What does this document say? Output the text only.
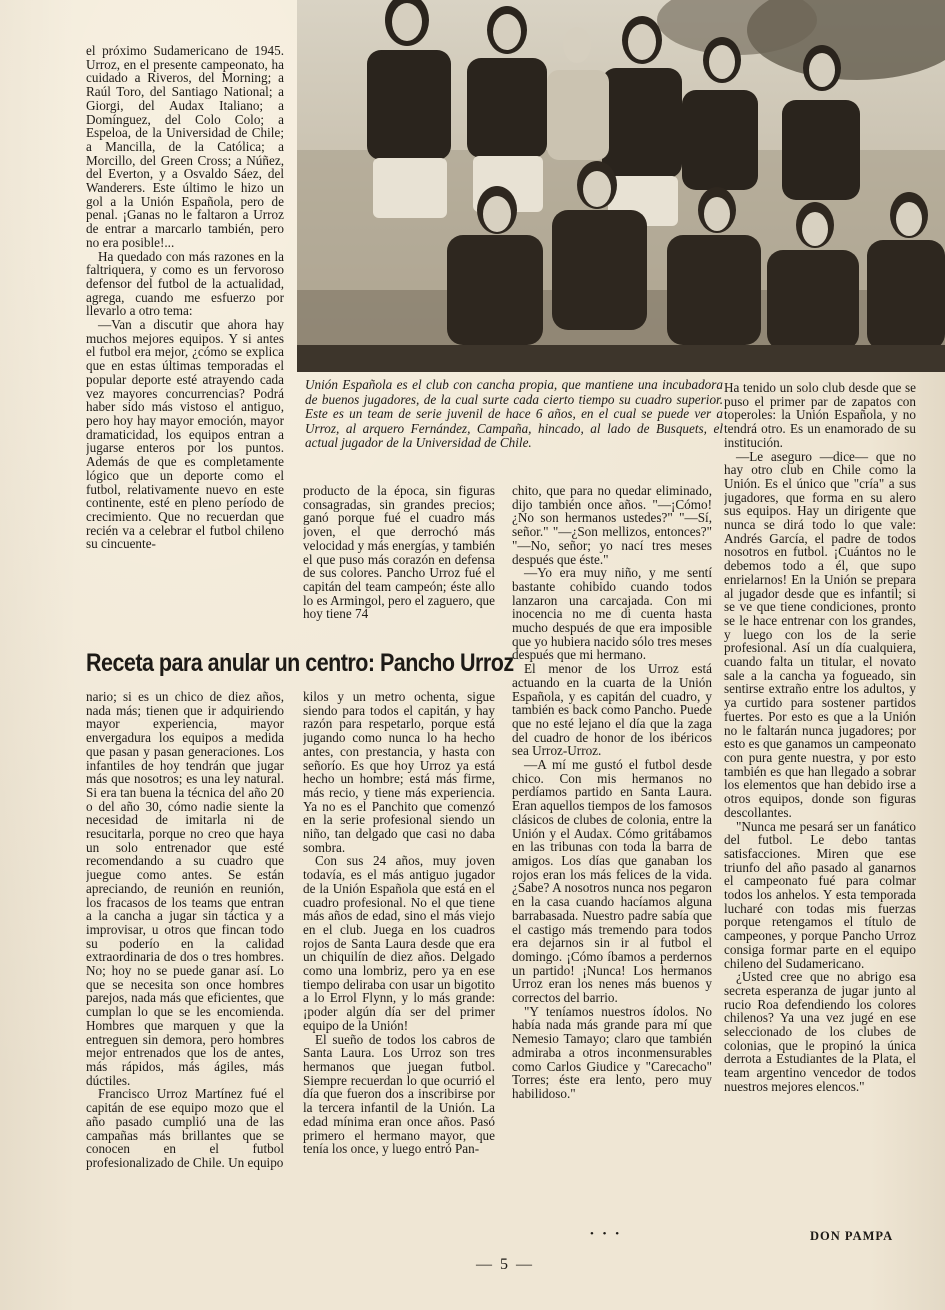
el próximo Sudamericano de 1945. Urroz, en el presente campeonato, ha cuidado a Riveros, del Morning; a Raúl Toro, del Santiago National; a Giorgi, del Audax Italiano; a Domínguez, del Colo Colo; a Espeloa, de la Universidad de Chile; a Mancilla, de la Católica; a Morcillo, del Green Cross; a Núñez, del Everton, y a Osvaldo Sáez, del Wanderers. Este último le hizo un gol a la Unión Española, pero de penal. ¡Ganas no le faltaron a Urroz de entrar a marcarlo también, pero no era posible!...

Ha quedado con más razones en la faltriquera, y como es un fervoroso defensor del futbol de la actualidad, agrega, cuando me esfuerzo por llevarlo a otro tema:

—Van a discutir que ahora hay muchos mejores equipos. Y si antes el futbol era mejor, ¿cómo se explica que en estas últimas temporadas el popular deporte esté atrayendo cada vez mayores concurrencias? Podrá haber sido más vistoso el antiguo, pero hoy hay mayor emoción, mayor dramaticidad, los equipos entran a jugarse enteros por los puntos. Además de que es completamente lógico que un deporte como el futbol, relativamente nuevo en este continente, esté en pleno período de crecimiento. Que no recuerdan que recién va a celebrar el futbol chileno su cincuente-

Unión Española es el club con cancha propia, que mantiene una incubadora de buenos jugadores, de la cual surte cada cierto tiempo su cuadro superior. Este es un team de serie juvenil de hace 6 años, en el cual se puede ver a Urroz, al arquero Fernández, Campaña, hincado, al lado de Busquets, el actual jugador de la Universidad de Chile.

producto de la época, sin figuras consagradas, sin grandes precios; ganó porque fué el cuadro más joven, el que derrochó más velocidad y más energías, y también el que puso más corazón en defensa de sus colores. Pancho Urroz fué el capitán del team campeón; éste allo lo es Armingol, pero el zaguero, que hoy tiene 74

chito, que para no quedar eliminado, dijo también once años. "—¡Cómo! ¿No son hermanos ustedes?" "—Sí, señor." "—¿Son mellizos, entonces?" "—No, señor; yo nací tres meses después que éste."

—Yo era muy niño, y me sentí bastante cohibido cuando todos lanzaron una carcajada. Con mi inocencia no me di cuenta hasta mucho después de que era imposible que yo hubiera nacido sólo tres meses después que mi hermano.

El menor de los Urroz está actuando en la cuarta de la Unión Española, y es capitán del cuadro, y también es back como Pancho. Puede que no esté lejano el día que la zaga del cuadro de honor de los ibéricos sea Urroz-Urroz.

—A mí me gustó el futbol desde chico. Con mis hermanos no perdíamos partido en Santa Laura. Eran aquellos tiempos de los famosos clásicos de clubes de colonia, entre la Unión y el Audax. Cómo gritábamos en las tribunas con toda la barra de amigos. Los días que ganaban los rojos eran los más felices de la vida. ¿Sabe? A nosotros nunca nos pegaron en la casa cuando hacíamos alguna barrabasada. Nuestro padre sabía que el castigo más tremendo para todos era dejarnos sin ir al futbol el domingo. ¡Cómo íbamos a perdernos un partido! ¡Nunca! Los hermanos Urroz eran los nenes más buenos y correctos del barrio.

"Y teníamos nuestros ídolos. No había nada más grande para mí que Nemesio Tamayo; claro que también admiraba a otros inconmensurables como Carlos Giudice y "Carecacho" Torres; éste era lento, pero muy habilidoso."

Ha tenido un solo club desde que se puso el primer par de zapatos con toperoles: la Unión Española, y no tendrá otro. Es un enamorado de su institución.

—Le aseguro —dice— que no hay otro club en Chile como la Unión. Es el único que "cría" a sus jugadores, que forma en su alero sus equipos. Hay un dirigente que nunca se dirá todo lo que vale: Andrés García, el padre de todos nosotros en futbol. ¡Cuántos no le debemos todo a él, que supo enrielarnos! En la Unión se prepara al jugador desde que es infantil; si se ve que tiene condiciones, pronto se le hace entrenar con los grandes, y luego con los de la serie profesional. Así un día cualquiera, cuando falta un titular, el novato sale a la cancha ya fogueado, sin sentirse extraño entre los adultos, y ya curtido para sostener partidos fuertes. Por esto es que a la Unión no le faltarán nunca jugadores; por esto es que ganamos un campeonato con pura gente nuestra, y por esto también es que han llegado a sobrar los elementos que han debido irse a otros equipos, donde son figuras descollantes.

"Nunca me pesará ser un fanático del futbol. Le debo tantas satisfacciones. Miren que ese triunfo del año pasado al ganarnos el campeonato fué para colmar todos los anhelos. Y esta temporada lucharé con todas mis fuerzas porque retengamos el título de campeones, y porque Pancho Urroz consiga formar parte en el equipo chileno del Sudamericano.

¿Usted cree que no abrigo esa secreta esperanza de jugar junto al rucio Roa defendiendo los colores chilenos? Ya una vez jugé en ese seleccionado de los clubes de colonias, que le propinó la única derrota a Estudiantes de la Plata, el team argentino vencedor de todos nuestros mejores elencos."

Receta para anular un centro: Pancho Urroz

nario; si es un chico de diez años, nada más; tienen que ir adquiriendo mayor experiencia, mayor envergadura los equipos a medida que pasan y pasan generaciones. Los infantiles de hoy tendrán que jugar más que nosotros; es una ley natural. Si era tan buena la técnica del año 20 o del año 30, cómo nadie siente la necesidad de imitarla ni de resucitarla, porque no creo que haya un solo entrenador que esté recomendando a su cuadro que juegue como antes. Se están apreciando, de reunión en reunión, los fracasos de los teams que entran a la cancha a jugar sin táctica y a improvisar, u otros que fincan todo su poderío en la calidad extraordinaria de dos o tres hombres. No; hoy no se puede ganar así. Lo que se necesita son once hombres parejos, nada más que eficientes, que cumplan lo que se les encomienda. Hombres que marquen y que la entreguen sin demora, pero hombres mejor entrenados que los de antes, más rápidos, más ágiles, más dúctiles.

Francisco Urroz Martínez fué el capitán de ese equipo mozo que el año pasado cumplió una de las campañas más brillantes que se conocen en el futbol profesionalizado de Chile. Un equipo

kilos y un metro ochenta, sigue siendo para todos el capitán, y hay razón para respetarlo, porque está jugando como nunca lo ha hecho antes, con prestancia, y hasta con señorío. Es que hoy Urroz ya está hecho un hombre; está más firme, más recio, y tiene más experiencia. Ya no es el Panchito que comenzó en la serie profesional siendo un niño, tan delgado que casi no daba sombra.

Con sus 24 años, muy joven todavía, es el más antiguo jugador de la Unión Española que está en el cuadro profesional. No el que tiene más años de edad, sino el más viejo en el club. Juega en los cuadros rojos de Santa Laura desde que era un chiquilín de diez años. Delgado como una lombriz, pero ya en ese tiempo deliraba con usar un bigotito a lo Errol Flynn, y lo más grande: ¡poder algún día ser del primer equipo de la Unión!

El sueño de todos los cabros de Santa Laura. Los Urroz son tres hermanos que juegan futbol. Siempre recuerdan lo que ocurrió el día que fueron dos a inscribirse por la tercera infantil de la Unión. La edad mínima eran once años. Pasó primero el hermano mayor, que tenía los once, y luego entró Pan-

• • •	DON PAMPA
— 5 —
